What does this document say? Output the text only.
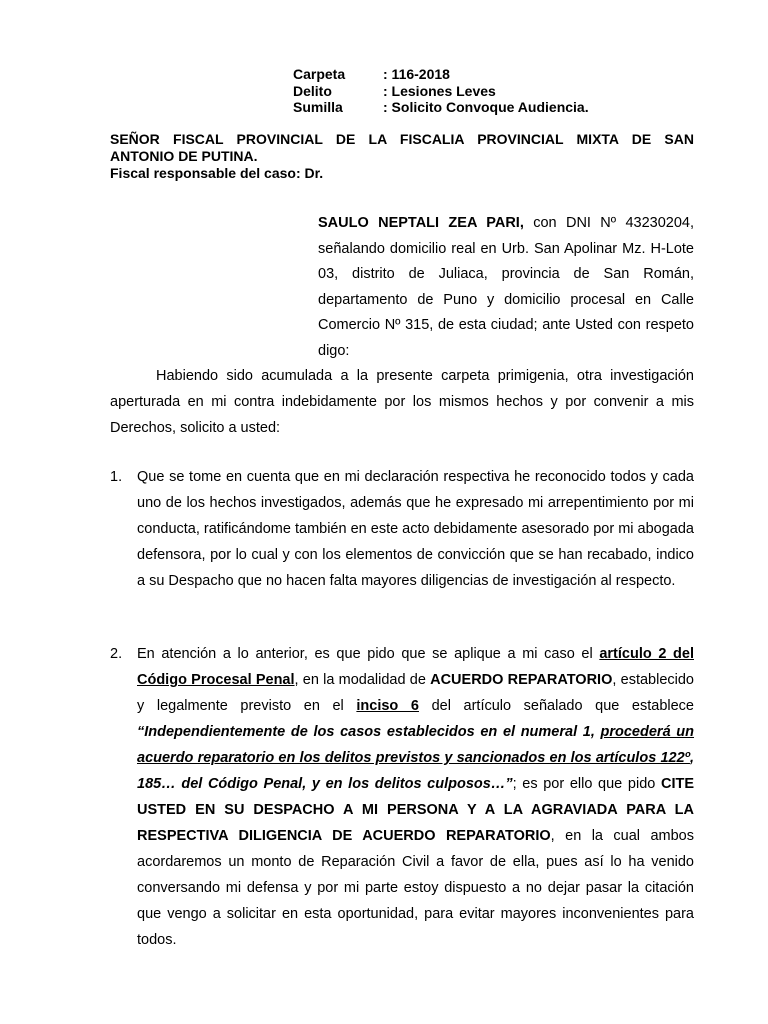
Carpeta	: 116-2018
Delito	: Lesiones Leves
Sumilla	: Solicito Convoque Audiencia.
SEÑOR FISCAL PROVINCIAL DE LA FISCALIA PROVINCIAL MIXTA DE SAN
ANTONIO DE PUTINA.
Fiscal responsable del caso: Dr.
SAULO NEPTALI ZEA PARI, con DNI Nº 43230204, señalando domicilio real en Urb. San Apolinar Mz. H-Lote 03, distrito de Juliaca, provincia de San Román, departamento de Puno y domicilio procesal en Calle Comercio Nº 315, de esta ciudad; ante Usted con respeto digo:
Habiendo sido acumulada a la presente carpeta primigenia, otra investigación aperturada en mi contra indebidamente por los mismos hechos y por convenir a mis Derechos, solicito a usted:
1.	Que se tome en cuenta que en mi declaración respectiva he reconocido todos y cada uno de los hechos investigados, además que he expresado mi arrepentimiento por mi conducta, ratificándome también en este acto debidamente asesorado por mi abogada defensora, por lo cual y con los elementos de convicción que se han recabado, indico a su Despacho que no hacen falta mayores diligencias de investigación al respecto.
2.	En atención a lo anterior, es que pido que se aplique a mi caso el artículo 2 del Código Procesal Penal, en la modalidad de ACUERDO REPARATORIO, establecido y legalmente previsto en el inciso 6 del artículo señalado que establece “Independientemente de los casos establecidos en el numeral 1, procederá un acuerdo reparatorio en los delitos previstos y sancionados en los artículos 122º, 185… del Código Penal, y en los delitos culposos…”; es por ello que pido CITE USTED EN SU DESPACHO A MI PERSONA Y A LA AGRAVIADA PARA LA RESPECTIVA DILIGENCIA DE ACUERDO REPARATORIO, en la cual ambos acordaremos un monto de Reparación Civil a favor de ella, pues así lo ha venido conversando mi defensa y por mi parte estoy dispuesto a no dejar pasar la citación que vengo a solicitar en esta oportunidad, para evitar mayores inconvenientes para todos.
